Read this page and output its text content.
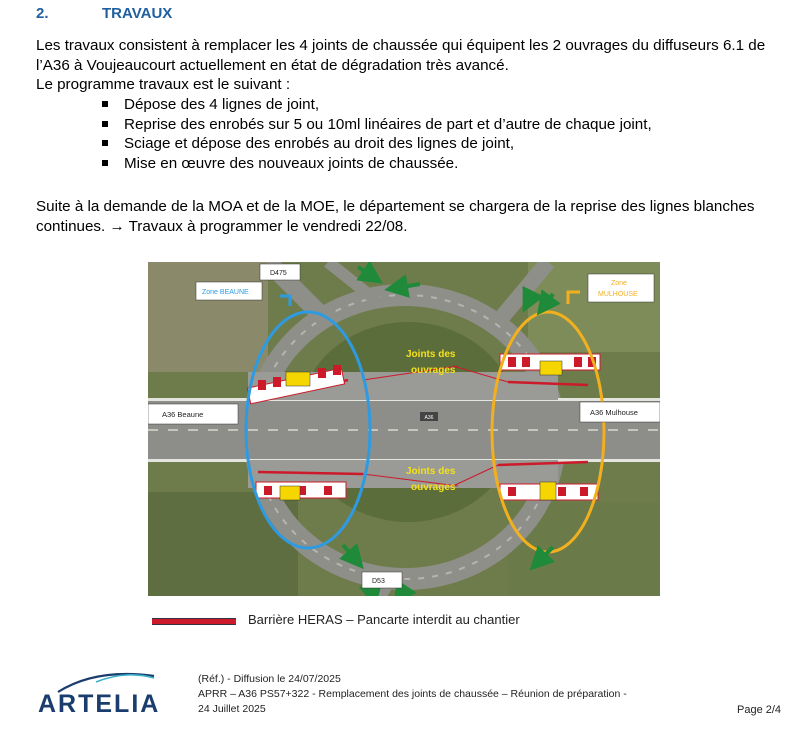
2.	TRAVAUX

Les travaux consistent à remplacer les 4 joints de chaussée qui équipent les 2 ouvrages du diffuseurs 6.1 de
l’A36 à Voujeaucourt actuellement en état de dégradation très avancé.
Le programme travaux est le suivant :

Dépose des 4 lignes de joint,
Reprise des enrobés sur 5 ou 10ml linéaires de part et d’autre de chaque joint,
Sciage et dépose des enrobés au droit des lignes de joint,
Mise en œuvre des nouveaux joints de chaussée.

Suite à la demande de la MOA et de la MOE, le département se chargera de la reprise des lignes blanches
continues. → Travaux à programmer le vendredi 22/08.

A36
D475
Zone BEAUNE
Zone
MULHOUSE
Joints des
ouvrages
A36 Beaune	A36 Mulhouse
Joints des
ouvrages
D53
Barrière HERAS – Pancarte interdit au chantier
ARTELIA
(Réf.) - Diffusion le 24/07/2025
APRR – A36 PS57+322 - Remplacement des joints de chaussée – Réunion de préparation -
24 Juillet 2025	Page 2/4
